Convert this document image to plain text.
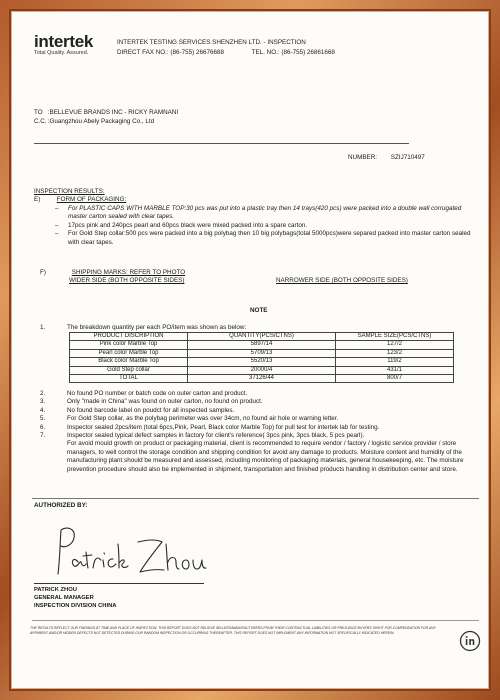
intertek
Total Quality. Assured.
INTERTEK TESTING SERVICES SHENZHEN LTD. - INSPECTION
DIRECT FAX NO.: (86-755) 26676688	TEL. NO.: (86-755) 26861668
TO :BELLEVUE BRANDS INC - RICKY RAMNANI
C.C. :Guangzhou Abely Packaging Co., Ltd
NUMBER: SZIJ710497
INSPECTION RESULTS:
E)	FORM OF PACKAGING:
–	For PLASTIC CAPS WITH MARBLE TOP:30 pcs was put into a plastic tray then 14 trays(420 pcs) were packed into a double wall corrugated master carton sealed with clear tapes.
–	17pcs pink and 240pcs pearl and 60pcs black were mixed packed into a spare carton.
–	For Gold Step collar:500 pcs were packed into a big polybag then 10 big polybags(total 5000pcs)were separed packed into master carton sealed with clear tapes.
F)	SHIPPING MARKS: REFER TO PHOTO
WIDER SIDE (BOTH OPPOSITE SIDES)	NARROWER SIDE (BOTH OPPOSITE SIDES)
NOTE
1.	The breakdown quantity per each PO/item was shown as below:
PRODUCT DISCRIPTION	QUANTITY(PCS/CTNS)	SAMPLE SIZE(PCS/CTNS)
Pink color Marble Top	5897/14	127/2
Pearl color Marble Top	5709/13	123/2
Black color Marble Top	5520/13	119/2
Gold Step collar	20000/4	431/1
TOTAL	37126/44	800/7
2.	No found PO number or batch code on outer carton and product.
3.	Only "made in China" was found on outer carton, no found on product.
4.	No found barcode label on poudct for all inspected samples.
5.	For Gold Step collar, as the polybag perimeter was over 34cm, no found air hole or warning letter.
6.	Inspector sealed 2pcs/item (total 6pcs,Pink, Pearl, Black color Marble Top) for pull test for intertek lab for testing.
7.	Inspector sealed typical defect samples in factory for client's reference( 3pcs pink, 3pcs black, 5 pcs pearl).
For avoid mould growth on product or packaging material, client is recommended to require vendor / factory / logistic service provider / store managers, to well control the storage condition and shipping condition for avoid any damage to products. Moisture content and humidity of the manufacturing plant should be measured and assessed, including monitoring of packaging materials, general housekeeping, etc. The moisture prevention procedure should also be implemented in shipment, transportation and finished products handling in distribution center and store.
AUTHORIZED BY:
PATRICK ZHOU
GENERAL MANAGER
INSPECTION DIVISION CHINA
THE RESULTS REFLECT OUR FINDINGS AT TIME AND PLACE OF INSPECTION. THIS REPORT DOES NOT RELIEVE SELLERS/MANUFACTURERS FROM THEIR CONTRACTUAL LIABILITIES OR PREJUDICE BUYERS' RIGHT FOR COMPENSATION FOR ANY
APPARENT AND/OR HIDDEN DEFECTS NOT DETECTED DURING OUR RANDOM INSPECTION OR OCCURRING THEREAFTER. THIS REPORT DOES NOT IMPLEMENT ANY INFORMATION NOT SPECIFICALLY INDICATED HEREIN.
